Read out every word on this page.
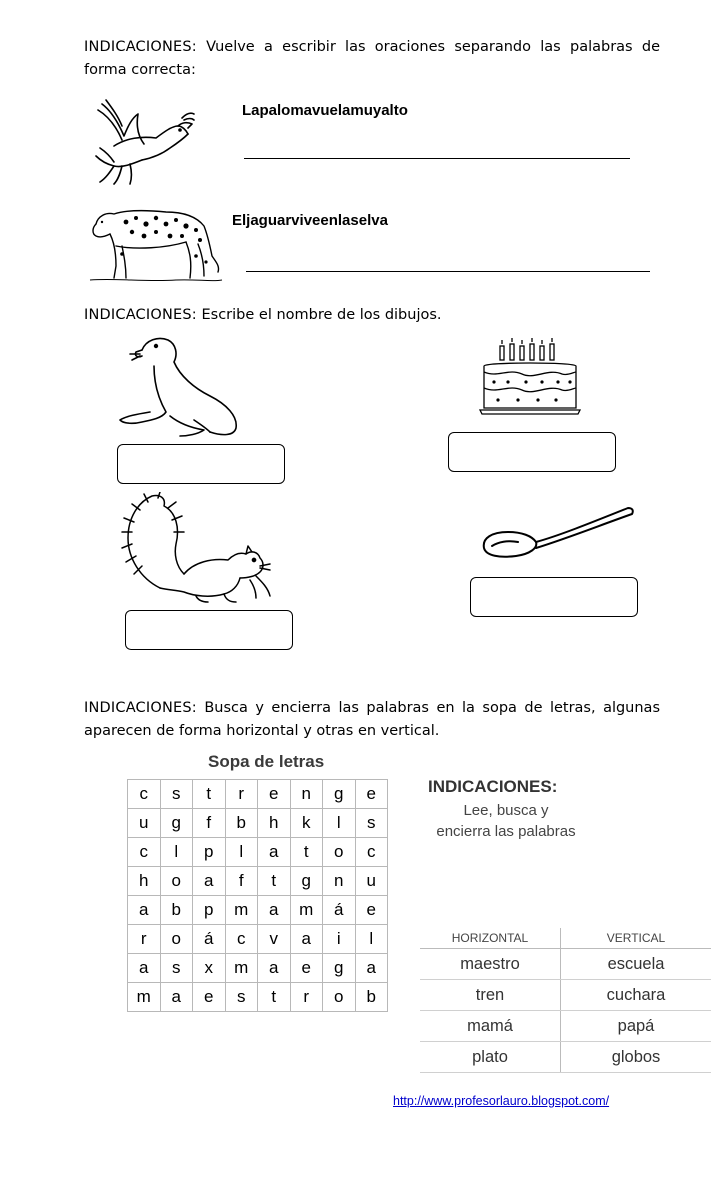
INDICACIONES: Vuelve a escribir las oraciones separando las palabras de forma correcta:
Lapalomavuelamuyalto
Eljaguarviveenlaselva
INDICACIONES: Escribe el nombre de los dibujos.
INDICACIONES: Busca y encierra las palabras en la sopa de letras, algunas aparecen de forma horizontal y otras en vertical.
Sopa de letras
c	s	t	r	e	n	g	e
u	g	f	b	h	k	l	s
c	l	p	l	a	t	o	c
h	o	a	f	t	g	n	u
a	b	p	m	a	m	á	e
r	o	á	c	v	a	i	l
a	s	x	m	a	e	g	a
m	a	e	s	t	r	o	b
INDICACIONES:
Lee, busca y encierra las palabras
HORIZONTAL	VERTICAL
maestro	escuela
tren	cuchara
mamá	papá
plato	globos
http://www.profesorlauro.blogspot.com/
